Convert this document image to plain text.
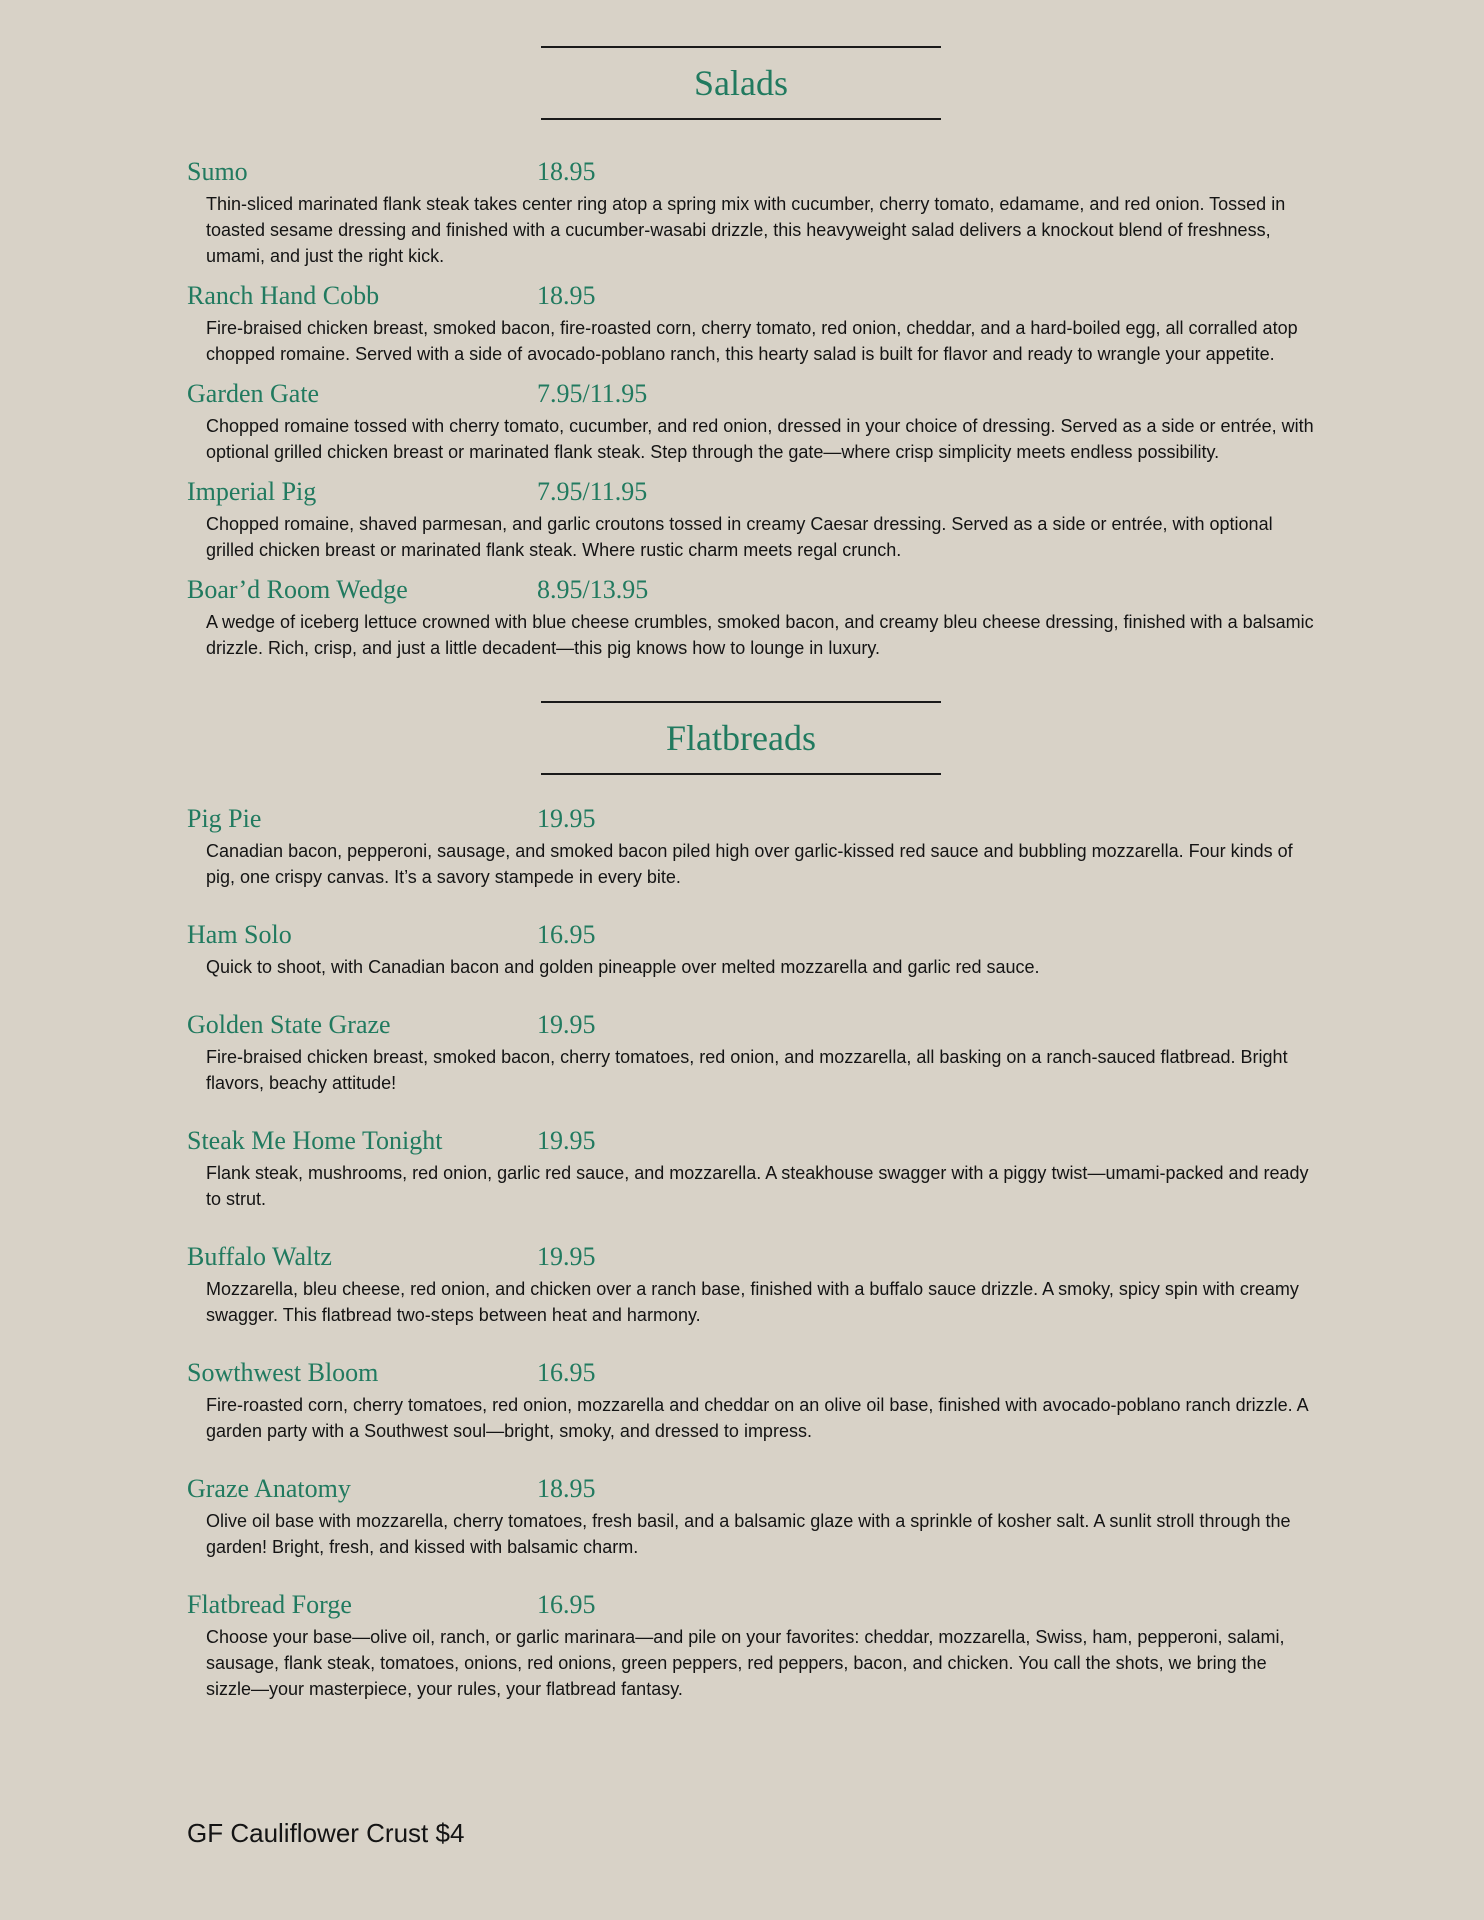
Salads
Sumo	18.95

Thin-sliced marinated flank steak takes center ring atop a spring mix with cucumber, cherry tomato, edamame, and red onion. Tossed in toasted sesame dressing and finished with a cucumber-wasabi drizzle, this heavyweight salad delivers a knockout blend of freshness, umami, and just the right kick.

Ranch Hand Cobb	18.95

Fire-braised chicken breast, smoked bacon, fire-roasted corn, cherry tomato, red onion, cheddar, and a hard-boiled egg, all corralled atop chopped romaine. Served with a side of avocado-poblano ranch, this hearty salad is built for flavor and ready to wrangle your appetite.

Garden Gate	7.95/11.95

Chopped romaine tossed with cherry tomato, cucumber, and red onion, dressed in your choice of dressing. Served as a side or entrée, with optional grilled chicken breast or marinated flank steak. Step through the gate—where crisp simplicity meets endless possibility.

Imperial Pig	7.95/11.95

Chopped romaine, shaved parmesan, and garlic croutons tossed in creamy Caesar dressing. Served as a side or entrée, with optional grilled chicken breast or marinated flank steak. Where rustic charm meets regal crunch.

Boar’d Room Wedge	8.95/13.95

A wedge of iceberg lettuce crowned with blue cheese crumbles, smoked bacon, and creamy bleu cheese dressing, finished with a balsamic drizzle. Rich, crisp, and just a little decadent—this pig knows how to lounge in luxury.

Flatbreads
Pig Pie	19.95

Canadian bacon, pepperoni, sausage, and smoked bacon piled high over garlic-kissed red sauce and bubbling mozzarella. Four kinds of pig, one crispy canvas. It’s a savory stampede in every bite.

Ham Solo	16.95

Quick to shoot, with Canadian bacon and golden pineapple over melted mozzarella and garlic red sauce.

Golden State Graze	19.95

Fire-braised chicken breast, smoked bacon, cherry tomatoes, red onion, and mozzarella, all basking on a ranch-sauced flatbread. Bright flavors, beachy attitude!

Steak Me Home Tonight	19.95

Flank steak, mushrooms, red onion, garlic red sauce, and mozzarella. A steakhouse swagger with a piggy twist—umami-packed and ready to strut.

Buffalo Waltz	19.95

Mozzarella, bleu cheese, red onion, and chicken over a ranch base, finished with a buffalo sauce drizzle. A smoky, spicy spin with creamy swagger. This flatbread two-steps between heat and harmony.

Sowthwest Bloom	16.95

Fire-roasted corn, cherry tomatoes, red onion, mozzarella and cheddar on an olive oil base, finished with avocado-poblano ranch drizzle. A garden party with a Southwest soul—bright, smoky, and dressed to impress.

Graze Anatomy	18.95

Olive oil base with mozzarella, cherry tomatoes, fresh basil, and a balsamic glaze with a sprinkle of kosher salt. A sunlit stroll through the garden! Bright, fresh, and kissed with balsamic charm.

Flatbread Forge	16.95

Choose your base—olive oil, ranch, or garlic marinara—and pile on your favorites: cheddar, mozzarella, Swiss, ham, pepperoni, salami, sausage, flank steak, tomatoes, onions, red onions, green peppers, red peppers, bacon, and chicken. You call the shots, we bring the sizzle—your masterpiece, your rules, your flatbread fantasy.

GF Cauliflower Crust $4
